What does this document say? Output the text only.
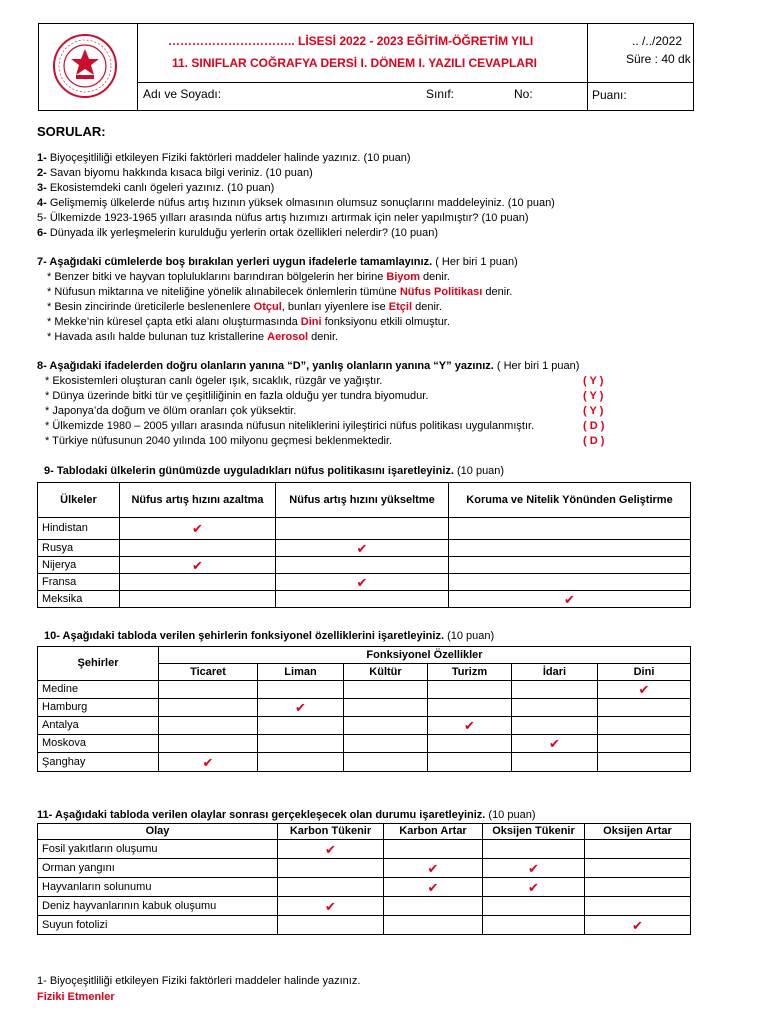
………………………….. LİSESİ 2022 - 2023 EĞİTİM-ÖĞRETİM YILI
11. SINIFLAR COĞRAFYA DERSİ I. DÖNEM I. YAZILI CEVAPLARI
.. /../2022
Süre : 40 dk
Adı ve Soyadı:	Sınıf:	No:	Puanı:
SORULAR:
1- Biyoçeşitliliği etkileyen Fiziki faktörleri maddeler halinde yazınız. (10 puan)
2- Savan biyomu hakkında kısaca bilgi veriniz. (10 puan)
3- Ekosistemdeki canlı ögeleri yazınız. (10 puan)
4- Gelişmemiş ülkelerde nüfus artış hızının yüksek olmasının olumsuz sonuçlarını maddeleyiniz. (10 puan)
5- Ülkemizde 1923-1965 yılları arasında nüfus artış hızımızı artırmak için neler yapılmıştır? (10 puan)
6- Dünyada ilk yerleşmelerin kurulduğu yerlerin ortak özellikleri nelerdir? (10 puan)
7- Aşağıdaki cümlelerde boş bırakılan yerleri uygun ifadelerle tamamlayınız. ( Her biri 1 puan)
* Benzer bitki ve hayvan topluluklarını barındıran bölgelerin her birine Biyom denir.
* Nüfusun miktarına ve niteliğine yönelik alınabilecek önlemlerin tümüne Nüfus Politikası denir.
* Besin zincirinde üreticilerle beslenenlere Otçul, bunları yiyenlere ise Etçil denir.
* Mekke’nin küresel çapta etki alanı oluşturmasında Dini fonksiyonu etkili olmuştur.
* Havada asılı halde bulunan tuz kristallerine Aerosol denir.
8- Aşağıdaki ifadelerden doğru olanların yanına “D”, yanlış olanların yanına “Y” yazınız. ( Her biri 1 puan)
* Ekosistemleri oluşturan canlı ögeler ışık, sıcaklık, rüzgâr ve yağıştır.	( Y )
* Dünya üzerinde bitki tür ve çeşitliliğinin en fazla olduğu yer tundra biyomudur.	( Y )
* Japonya’da doğum ve ölüm oranları çok yüksektir.	( Y )
* Ülkemizde 1980 – 2005 yılları arasında nüfusun niteliklerini iyileştirici nüfus politikası uygulanmıştır.	( D )
* Türkiye nüfusunun 2040 yılında 100 milyonu geçmesi beklenmektedir.	( D )
9- Tablodaki ülkelerin günümüzde uyguladıkları nüfus politikasını işaretleyiniz. (10 puan)
Ülkeler	Nüfus artış hızını azaltma	Nüfus artış hızını yükseltme	Koruma ve Nitelik Yönünden Geliştirme
Hindistan	✔		
Rusya		✔	
Nijerya	✔		
Fransa		✔	
Meksika			✔
10- Aşağıdaki tabloda verilen şehirlerin fonksiyonel özelliklerini işaretleyiniz. (10 puan)
Şehirler	Fonksiyonel Özellikler					
	Ticaret	Liman	Kültür	Turizm	İdari	Dini
Medine						✔
Hamburg		✔				
Antalya				✔		
Moskova					✔	
Şanghay	✔					
11- Aşağıdaki tabloda verilen olaylar sonrası gerçekleşecek olan durumu işaretleyiniz. (10 puan)
Olay	Karbon Tükenir	Karbon Artar	Oksijen Tükenir	Oksijen Artar
Fosil yakıtların oluşumu	✔			
Orman yangını		✔	✔	
Hayvanların solunumu		✔	✔	
Deniz hayvanlarının kabuk oluşumu	✔			
Suyun fotolizi				✔
1- Biyoçeşitliliği etkileyen Fiziki faktörleri maddeler halinde yazınız.
Fiziki Etmenler
